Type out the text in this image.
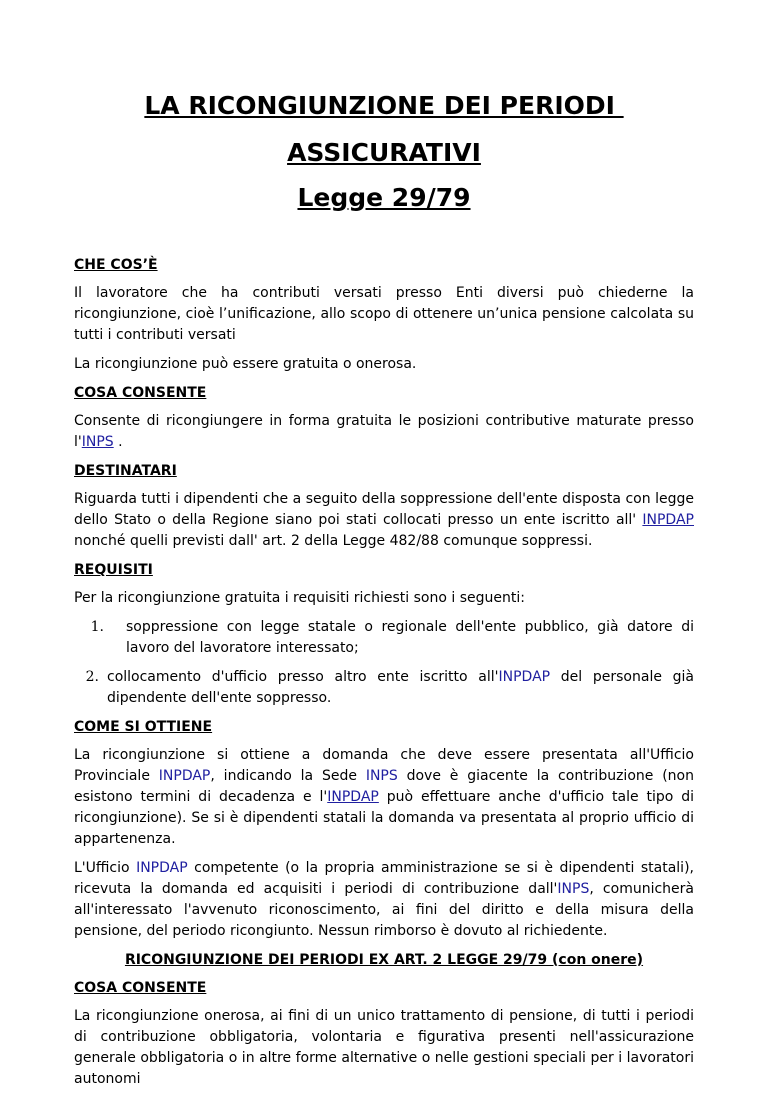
LA RICONGIUNZIONE DEI PERIODI
ASSICURATIVI
Legge 29/79
CHE COS’È

Il lavoratore che ha contributi versati presso Enti diversi può chiederne la ricongiunzione, cioè l’unificazione, allo scopo di ottenere un’unica pensione calcolata su tutti i contributi versati

La ricongiunzione può essere gratuita o onerosa.

COSA CONSENTE

Consente di ricongiungere in forma gratuita le posizioni contributive maturate presso l'INPS .

DESTINATARI

Riguarda tutti i dipendenti che a seguito della soppressione dell'ente disposta con legge dello Stato o della Regione siano poi stati collocati presso un ente iscritto all' INPDAP nonché quelli previsti dall' art. 2 della Legge 482/88 comunque soppressi.

REQUISITI

Per la ricongiunzione gratuita i requisiti richiesti sono i seguenti:

1.	soppressione con legge statale o regionale dell'ente pubblico, già datore di lavoro del lavoratore interessato;
2. collocamento d'ufficio presso altro ente iscritto all'INPDAP del personale già dipendente dell'ente soppresso.
COME SI OTTIENE

La ricongiunzione si ottiene a domanda che deve essere presentata all'Ufficio Provinciale INPDAP, indicando la Sede INPS dove è giacente la contribuzione (non esistono termini di decadenza e l'INPDAP può effettuare anche d'ufficio tale tipo di ricongiunzione). Se si è dipendenti statali la domanda va presentata al proprio ufficio di appartenenza.

L'Ufficio INPDAP competente (o la propria amministrazione se si è dipendenti statali), ricevuta la domanda ed acquisiti i periodi di contribuzione dall'INPS, comunicherà all'interessato l'avvenuto riconoscimento, ai fini del diritto e della misura della pensione, del periodo ricongiunto. Nessun rimborso è dovuto al richiedente.

RICONGIUNZIONE DEI PERIODI EX ART. 2 LEGGE 29/79 (con onere)
COSA CONSENTE

La ricongiunzione onerosa, ai fini di un unico trattamento di pensione, di tutti i periodi di contribuzione obbligatoria, volontaria e figurativa presenti nell'assicurazione generale obbligatoria o in altre forme alternative o nelle gestioni speciali per i lavoratori autonomi
